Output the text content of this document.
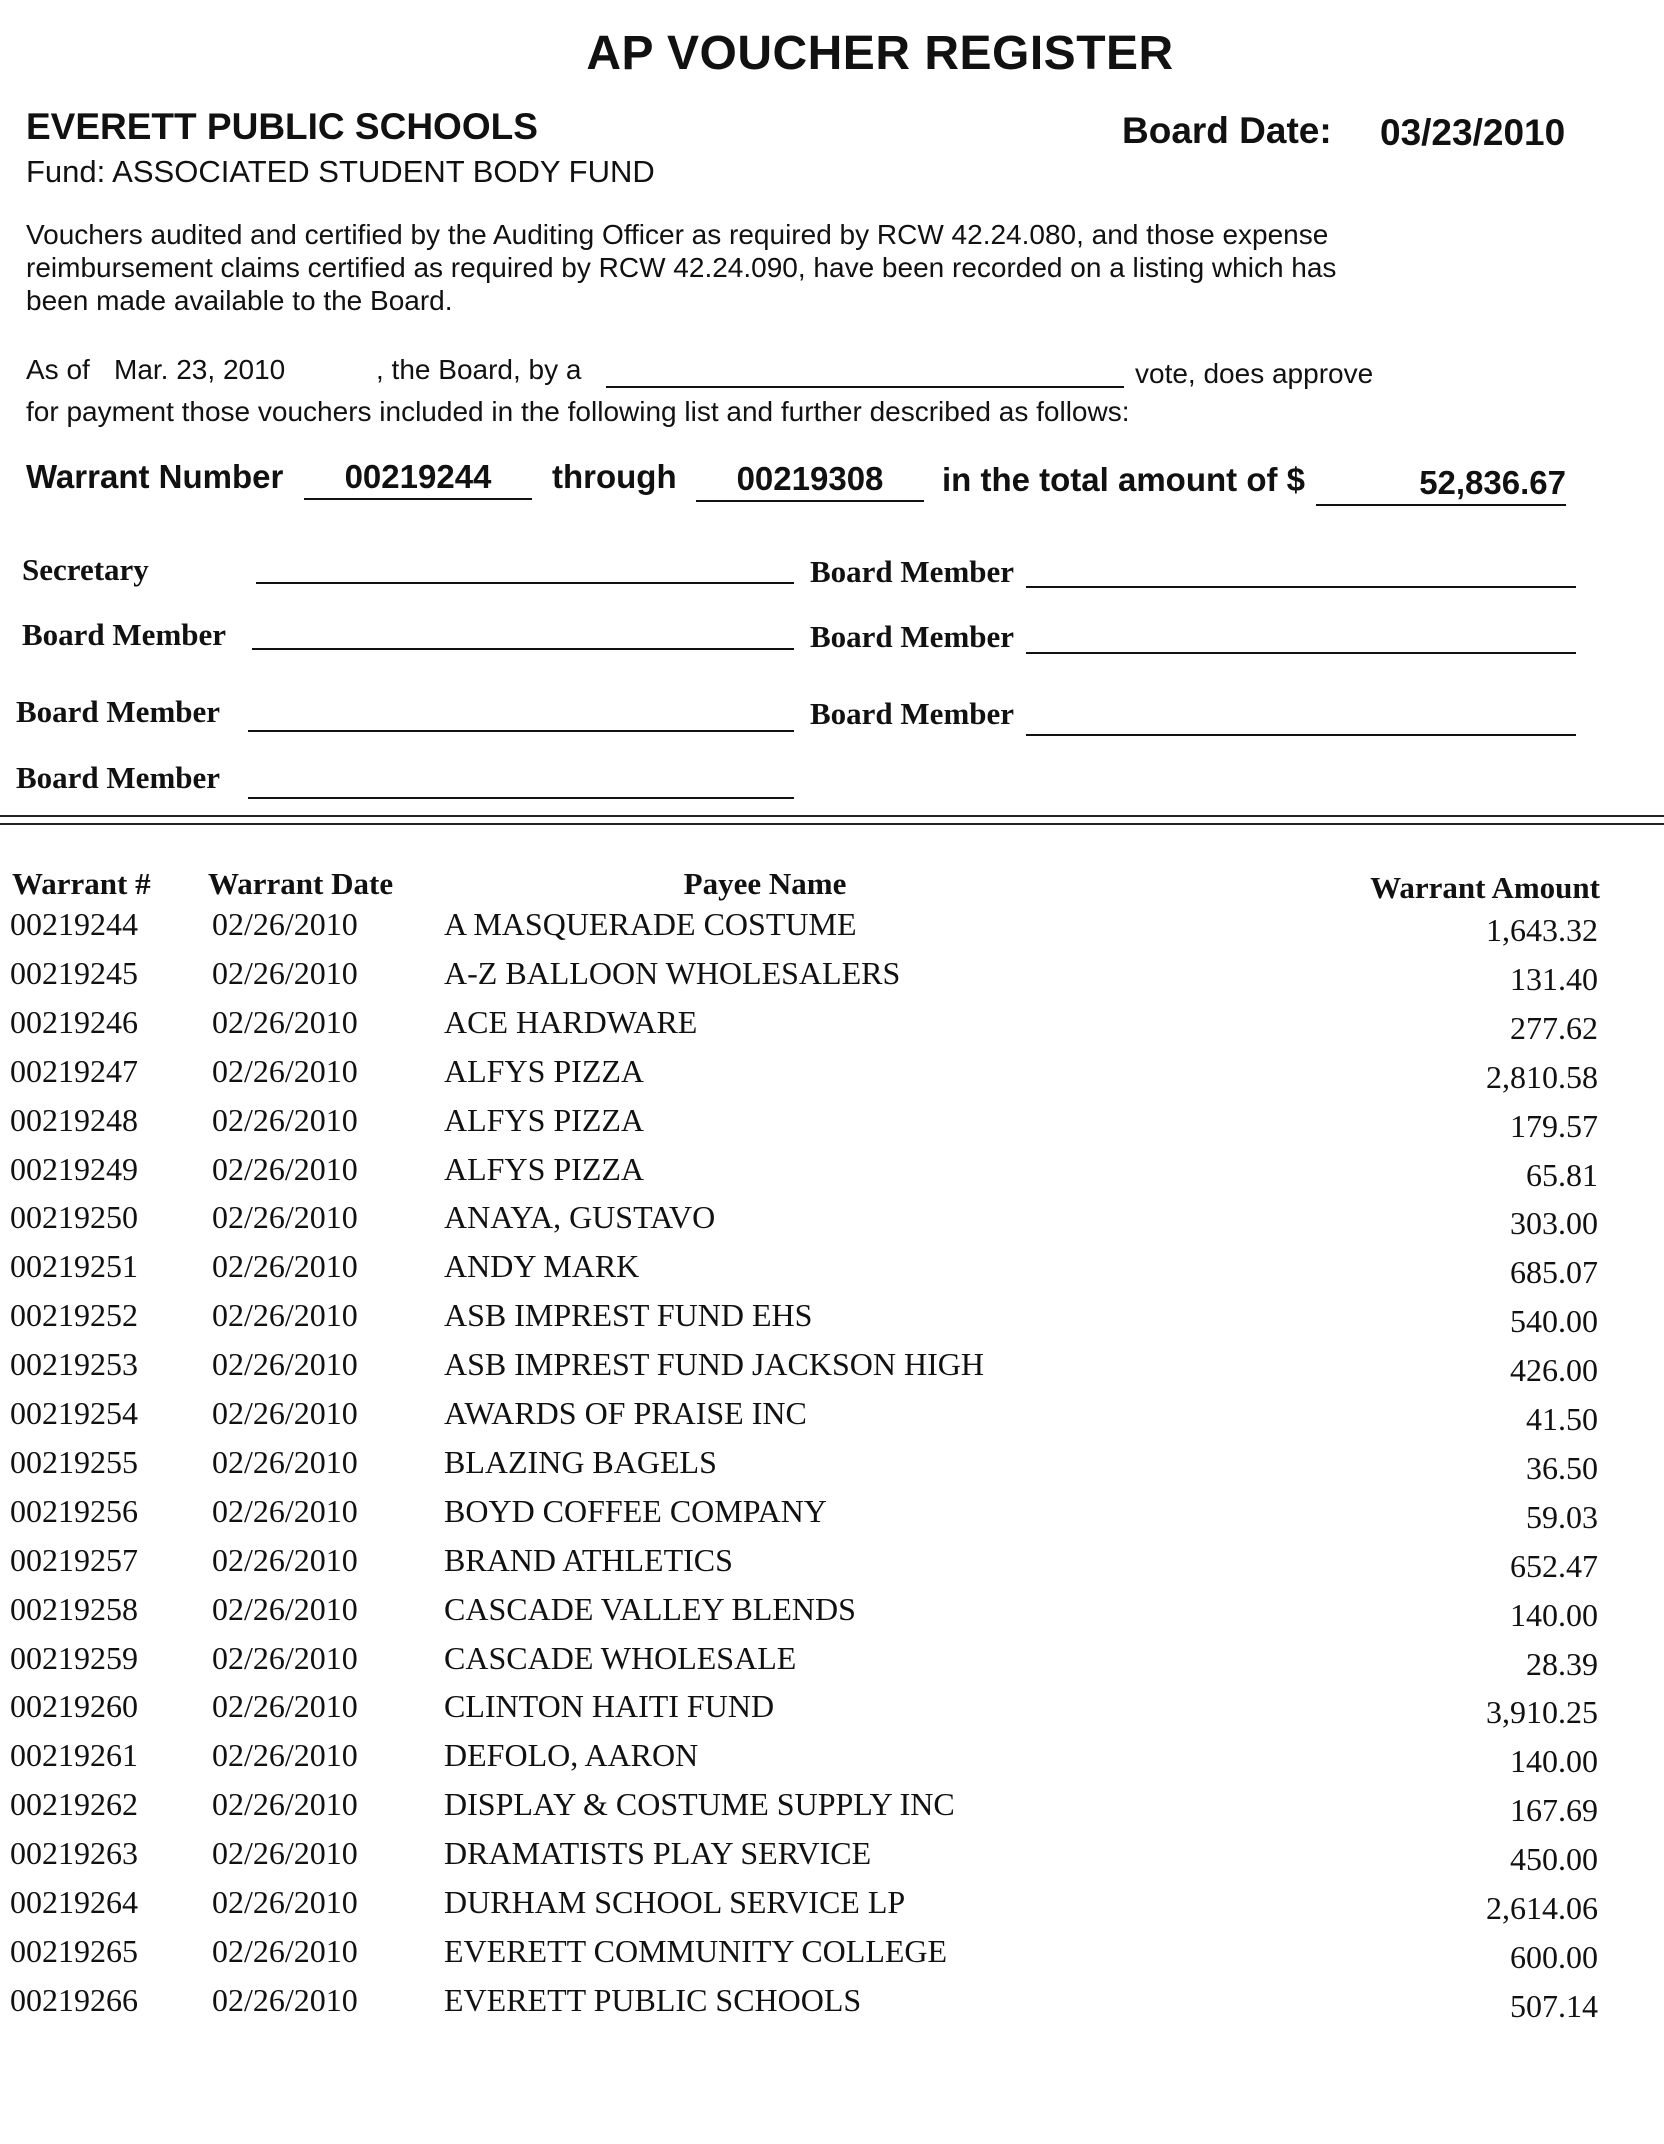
AP VOUCHER REGISTER
EVERETT PUBLIC SCHOOLS	Board Date: 03/23/2010
Fund: ASSOCIATED STUDENT BODY FUND
Vouchers audited and certified by the Auditing Officer as required by RCW 42.24.080, and those expense reimbursement claims certified as required by RCW 42.24.090, have been recorded on a listing which has been made available to the Board.
As of Mar. 23, 2010	, the Board, by a	vote, does approve
for payment those vouchers included in the following list and further described as follows:
Warrant Number	00219244	through	00219308	in the total amount of $	52,836.67
Secretary	Board Member
Board Member	Board Member
Board Member	Board Member
Board Member
Warrant # Warrant Date	Payee Name	Warrant Amount
00219244 02/26/2010	A MASQUERADE COSTUME	1,643.32
00219245 02/26/2010	A-Z BALLOON WHOLESALERS	131.40
00219246 02/26/2010	ACE HARDWARE	277.62
00219247 02/26/2010	ALFYS PIZZA	2,810.58
00219248 02/26/2010	ALFYS PIZZA	179.57
00219249 02/26/2010	ALFYS PIZZA	65.81
00219250 02/26/2010	ANAYA, GUSTAVO	303.00
00219251 02/26/2010	ANDY MARK	685.07
00219252 02/26/2010	ASB IMPREST FUND EHS	540.00
00219253 02/26/2010	ASB IMPREST FUND JACKSON HIGH	426.00
00219254 02/26/2010	AWARDS OF PRAISE INC	41.50
00219255 02/26/2010	BLAZING BAGELS	36.50
00219256 02/26/2010	BOYD COFFEE COMPANY	59.03
00219257 02/26/2010	BRAND ATHLETICS	652.47
00219258 02/26/2010	CASCADE VALLEY BLENDS	140.00
00219259 02/26/2010	CASCADE WHOLESALE	28.39
00219260 02/26/2010	CLINTON HAITI FUND	3,910.25
00219261 02/26/2010	DEFOLO, AARON	140.00
00219262 02/26/2010	DISPLAY & COSTUME SUPPLY INC	167.69
00219263 02/26/2010	DRAMATISTS PLAY SERVICE	450.00
00219264 02/26/2010	DURHAM SCHOOL SERVICE LP	2,614.06
00219265 02/26/2010	EVERETT COMMUNITY COLLEGE	600.00
00219266 02/26/2010	EVERETT PUBLIC SCHOOLS	507.14
